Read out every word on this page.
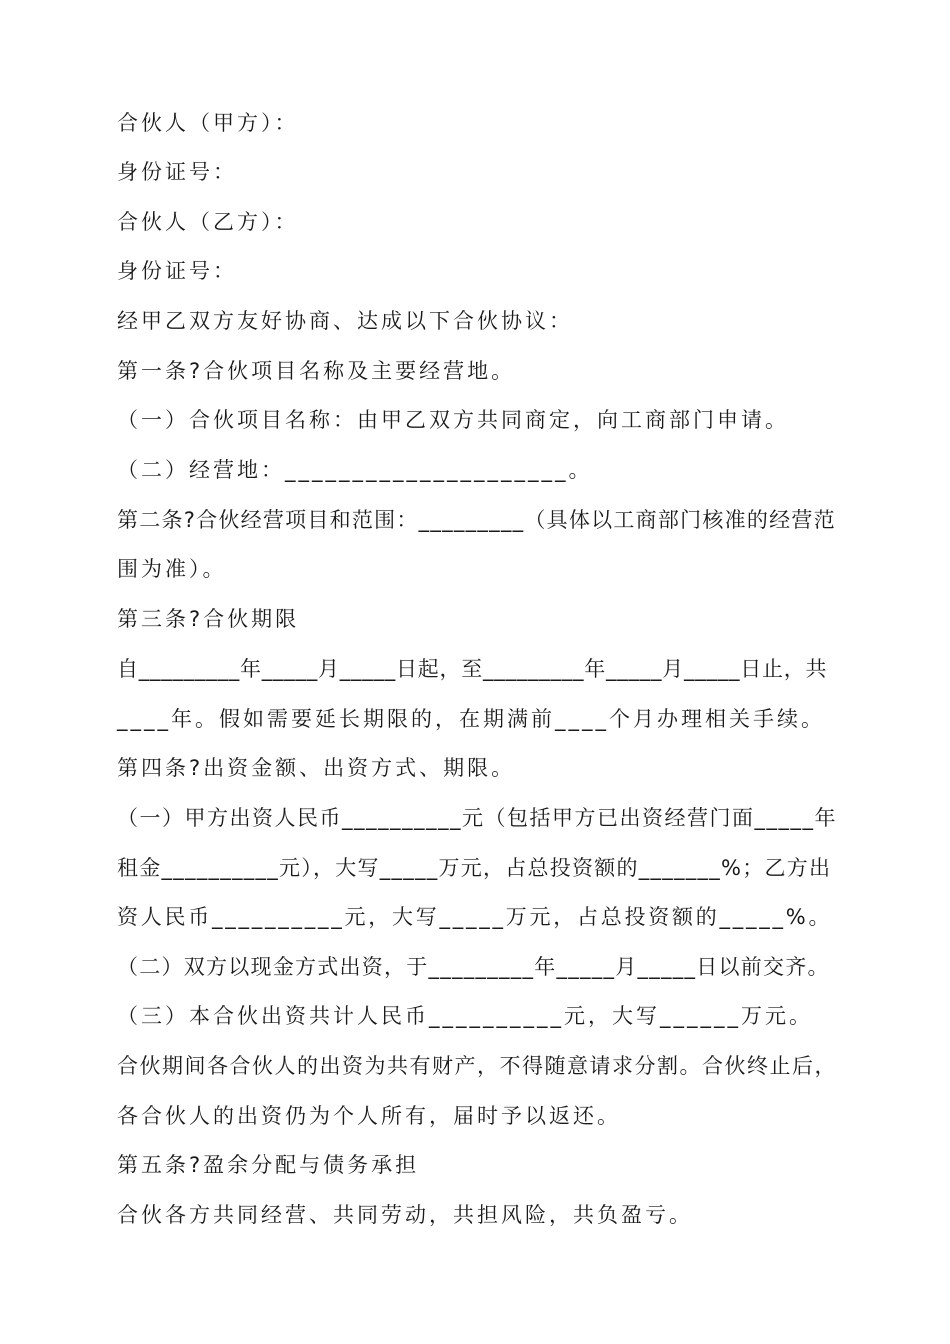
合伙人（甲方）：
身份证号：
合伙人（乙方）：
身份证号：
经甲乙双方友好协商、达成以下合伙协议：
第一条?合伙项目名称及主要经营地。
（一）合伙项目名称：由甲乙双方共同商定，向工商部门申请。
（二）经营地：_____________________。
第二条?合伙经营项目和范围：_________（具体以工商部门核准的经营范
围为准）。
第三条?合伙期限
自_________年_____月_____日起，至_________年_____月_____日止，共
____年。假如需要延长期限的，在期满前____个月办理相关手续。
第四条?出资金额、出资方式、期限。
（一）甲方出资人民币__________元（包括甲方已出资经营门面_____年
租金__________元），大写_____万元，占总投资额的_______%；乙方出
资人民币__________元，大写_____万元，占总投资额的_____%。
（二）双方以现金方式出资，于_________年_____月_____日以前交齐。
（三）本合伙出资共计人民币__________元，大写______万元。
合伙期间各合伙人的出资为共有财产，不得随意请求分割。合伙终止后，
各合伙人的出资仍为个人所有，届时予以返还。
第五条?盈余分配与债务承担
合伙各方共同经营、共同劳动，共担风险，共负盈亏。
